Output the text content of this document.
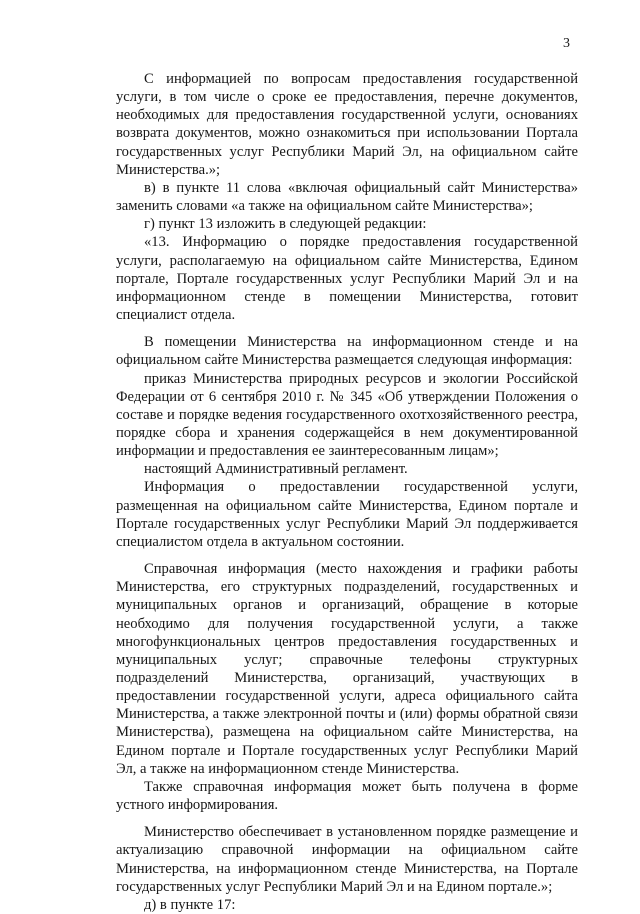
3

С информацией по вопросам предоставления государственной услуги, в том числе о сроке ее предоставления, перечне документов, необходимых для предоставления государственной услуги, основаниях возврата документов, можно ознакомиться при использовании Портала государственных услуг Республики Марий Эл, на официальном сайте Министерства.»;

в) в пункте 11 слова «включая официальный сайт Министерства» заменить словами «а также на официальном сайте Министерства»;

г) пункт 13 изложить в следующей редакции:

«13. Информацию о порядке предоставления государственной услуги, располагаемую на официальном сайте Министерства, Едином портале, Портале государственных услуг Республики Марий Эл и на информационном стенде в помещении Министерства, готовит специалист отдела.

В помещении Министерства на информационном стенде и на официальном сайте Министерства размещается следующая информация:

приказ Министерства природных ресурсов и экологии Российской Федерации от 6 сентября 2010 г. № 345 «Об утверждении Положения о составе и порядке ведения государственного охотхозяйственного реестра, порядке сбора и хранения содержащейся в нем документированной информации и предоставления ее заинтересованным лицам»;

настоящий Административный регламент.

Информация о предоставлении государственной услуги, размещенная на официальном сайте Министерства, Едином портале и Портале государственных услуг Республики Марий Эл поддерживается специалистом отдела в актуальном состоянии.

Справочная информация (место нахождения и графики работы Министерства, его структурных подразделений, государственных и муниципальных органов и организаций, обращение в которые необходимо для получения государственной услуги, а также многофункциональных центров предоставления государственных и муниципальных услуг; справочные телефоны структурных подразделений Министерства, организаций, участвующих в предоставлении государственной услуги, адреса официального сайта Министерства, а также электронной почты и (или) формы обратной связи Министерства), размещена на официальном сайте Министерства, на Едином портале и Портале государственных услуг Республики Марий Эл, а также на информационном стенде Министерства.

Также справочная информация может быть получена в форме устного информирования.

Министерство обеспечивает в установленном порядке размещение и актуализацию справочной информации на официальном сайте Министерства, на информационном стенде Министерства, на Портале государственных услуг Республики Марий Эл и на Едином портале.»;

д) в пункте 17:
